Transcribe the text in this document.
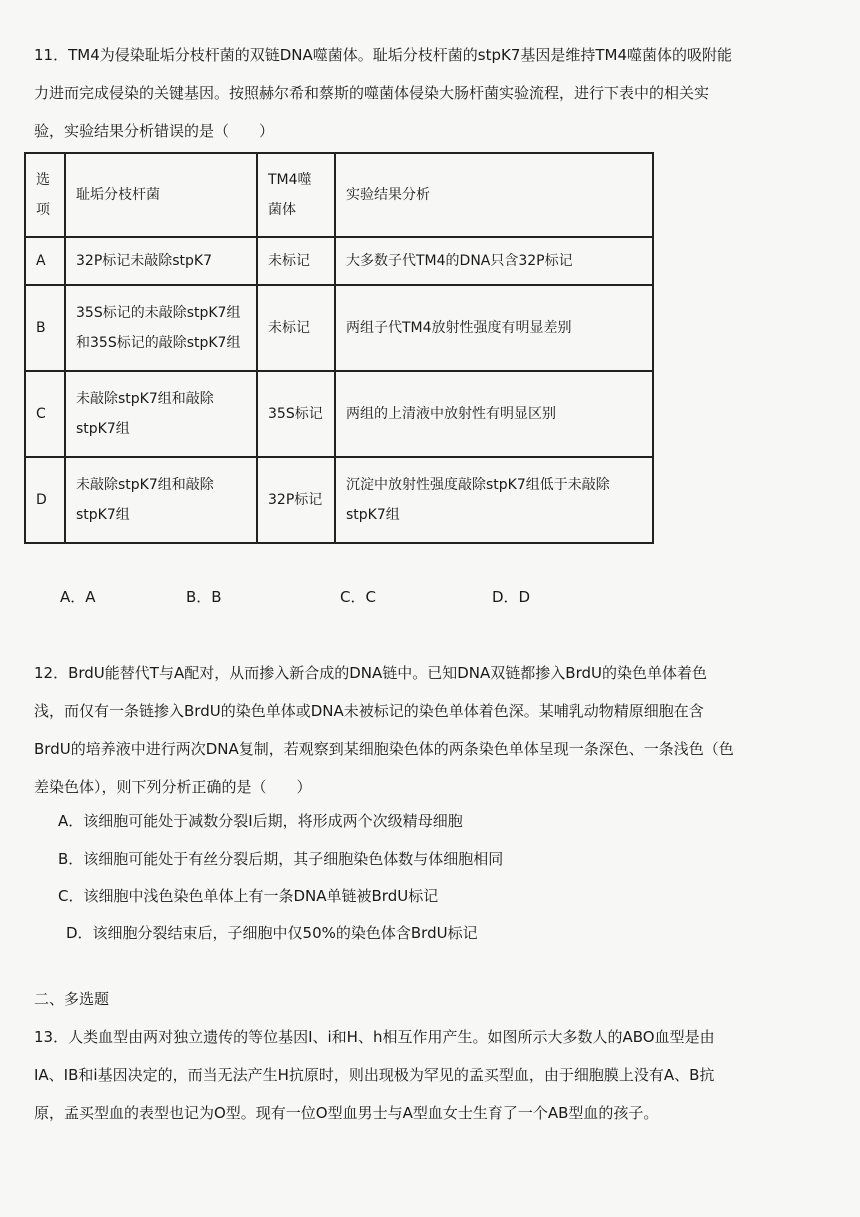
11．TM4为侵染耻垢分枝杆菌的双链DNA噬菌体。耻垢分枝杆菌的stpK7基因是维持TM4噬菌体的吸附能力进而完成侵染的关键基因。按照赫尔希和蔡斯的噬菌体侵染大肠杆菌实验流程，进行下表中的相关实验，实验结果分析错误的是（　　）
选项	耻垢分枝杆菌	TM4噬菌体	实验结果分析
A	32P标记未敲除stpK7	未标记	大多数子代TM4的DNA只含32P标记
B	35S标记的未敲除stpK7组和35S标记的敲除stpK7组	未标记	两组子代TM4放射性强度有明显差别
C	未敲除stpK7组和敲除stpK7组	35S标记	两组的上清液中放射性有明显区别
D	未敲除stpK7组和敲除stpK7组	32P标记	沉淀中放射性强度敲除stpK7组低于未敲除stpK7组
A．A	B．B	C．C	D．D
12．BrdU能替代T与A配对，从而掺入新合成的DNA链中。已知DNA双链都掺入BrdU的染色单体着色浅，而仅有一条链掺入BrdU的染色单体或DNA未被标记的染色单体着色深。某哺乳动物精原细胞在含BrdU的培养液中进行两次DNA复制，若观察到某细胞染色体的两条染色单体呈现一条深色、一条浅色（色差染色体），则下列分析正确的是（　　）
A．该细胞可能处于减数分裂Ⅰ后期，将形成两个次级精母细胞
B．该细胞可能处于有丝分裂后期，其子细胞染色体数与体细胞相同
C．该细胞中浅色染色单体上有一条DNA单链被BrdU标记
D．该细胞分裂结束后，子细胞中仅50%的染色体含BrdU标记
二、多选题
13．人类血型由两对独立遗传的等位基因I、i和H、h相互作用产生。如图所示大多数人的ABO血型是由IA、IB和i基因决定的，而当无法产生H抗原时，则出现极为罕见的孟买型血，由于细胞膜上没有A、B抗原，孟买型血的表型也记为O型。现有一位O型血男士与A型血女士生育了一个AB型血的孩子。
